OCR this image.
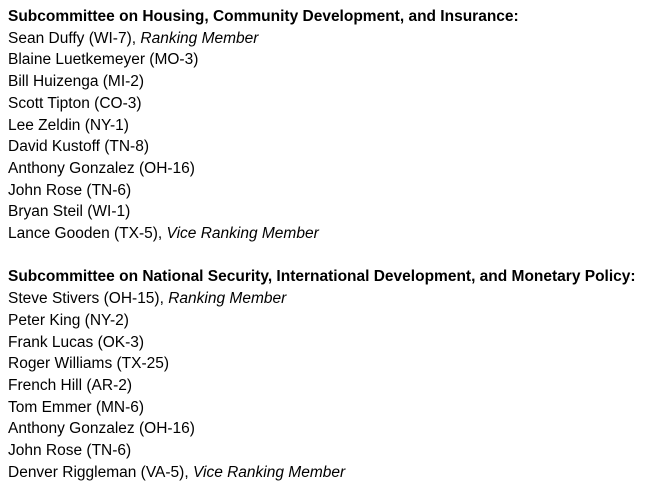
Subcommittee on Housing, Community Development, and Insurance:
Sean Duffy (WI-7), Ranking Member
Blaine Luetkemeyer (MO-3)
Bill Huizenga (MI-2)
Scott Tipton (CO-3)
Lee Zeldin (NY-1)
David Kustoff (TN-8)
Anthony Gonzalez (OH-16)
John Rose (TN-6)
Bryan Steil (WI-1)
Lance Gooden (TX-5), Vice Ranking Member
Subcommittee on National Security, International Development, and Monetary Policy:
Steve Stivers (OH-15), Ranking Member
Peter King (NY-2)
Frank Lucas (OK-3)
Roger Williams (TX-25)
French Hill (AR-2)
Tom Emmer (MN-6)
Anthony Gonzalez (OH-16)
John Rose (TN-6)
Denver Riggleman (VA-5), Vice Ranking Member
